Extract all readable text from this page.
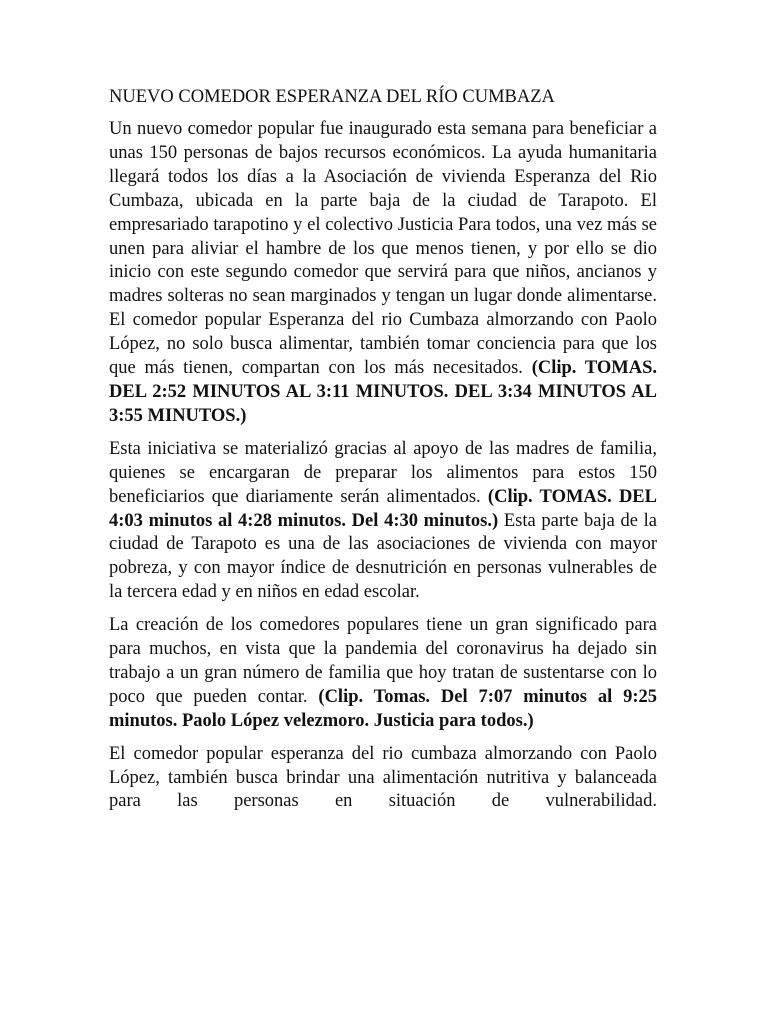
NUEVO COMEDOR ESPERANZA DEL RÍO CUMBAZA

Un nuevo comedor popular fue inaugurado esta semana para beneficiar a unas 150 personas de bajos recursos económicos. La ayuda humanitaria llegará todos los días a la Asociación de vivienda Esperanza del Rio Cumbaza, ubicada en la parte baja de la ciudad de Tarapoto. El empresariado tarapotino y el colectivo Justicia Para todos, una vez más se unen para aliviar el hambre de los que menos tienen, y por ello se dio inicio con este segundo comedor que servirá para que niños, ancianos y madres solteras no sean marginados y tengan un lugar donde alimentarse. El comedor popular Esperanza del rio Cumbaza almorzando con Paolo López, no solo busca alimentar, también tomar conciencia para que los que más tienen, compartan con los más necesitados. (Clip. TOMAS. DEL 2:52 MINUTOS AL 3:11 MINUTOS. DEL 3:34 MINUTOS AL 3:55 MINUTOS.)

Esta iniciativa se materializó gracias al apoyo de las madres de familia, quienes se encargaran de preparar los alimentos para estos 150 beneficiarios que diariamente serán alimentados. (Clip. TOMAS. DEL 4:03 minutos al 4:28 minutos. Del 4:30 minutos.) Esta parte baja de la ciudad de Tarapoto es una de las asociaciones de vivienda con mayor pobreza, y con mayor índice de desnutrición en personas vulnerables de la tercera edad y en niños en edad escolar.

La creación de los comedores populares tiene un gran significado para para muchos, en vista que la pandemia del coronavirus ha dejado sin trabajo a un gran número de familia que hoy tratan de sustentarse con lo poco que pueden contar. (Clip. Tomas. Del 7:07 minutos al 9:25 minutos. Paolo López velezmoro. Justicia para todos.)

El comedor popular esperanza del rio cumbaza almorzando con Paolo López, también busca brindar una alimentación nutritiva y balanceada para las personas en situación de vulnerabilidad.
